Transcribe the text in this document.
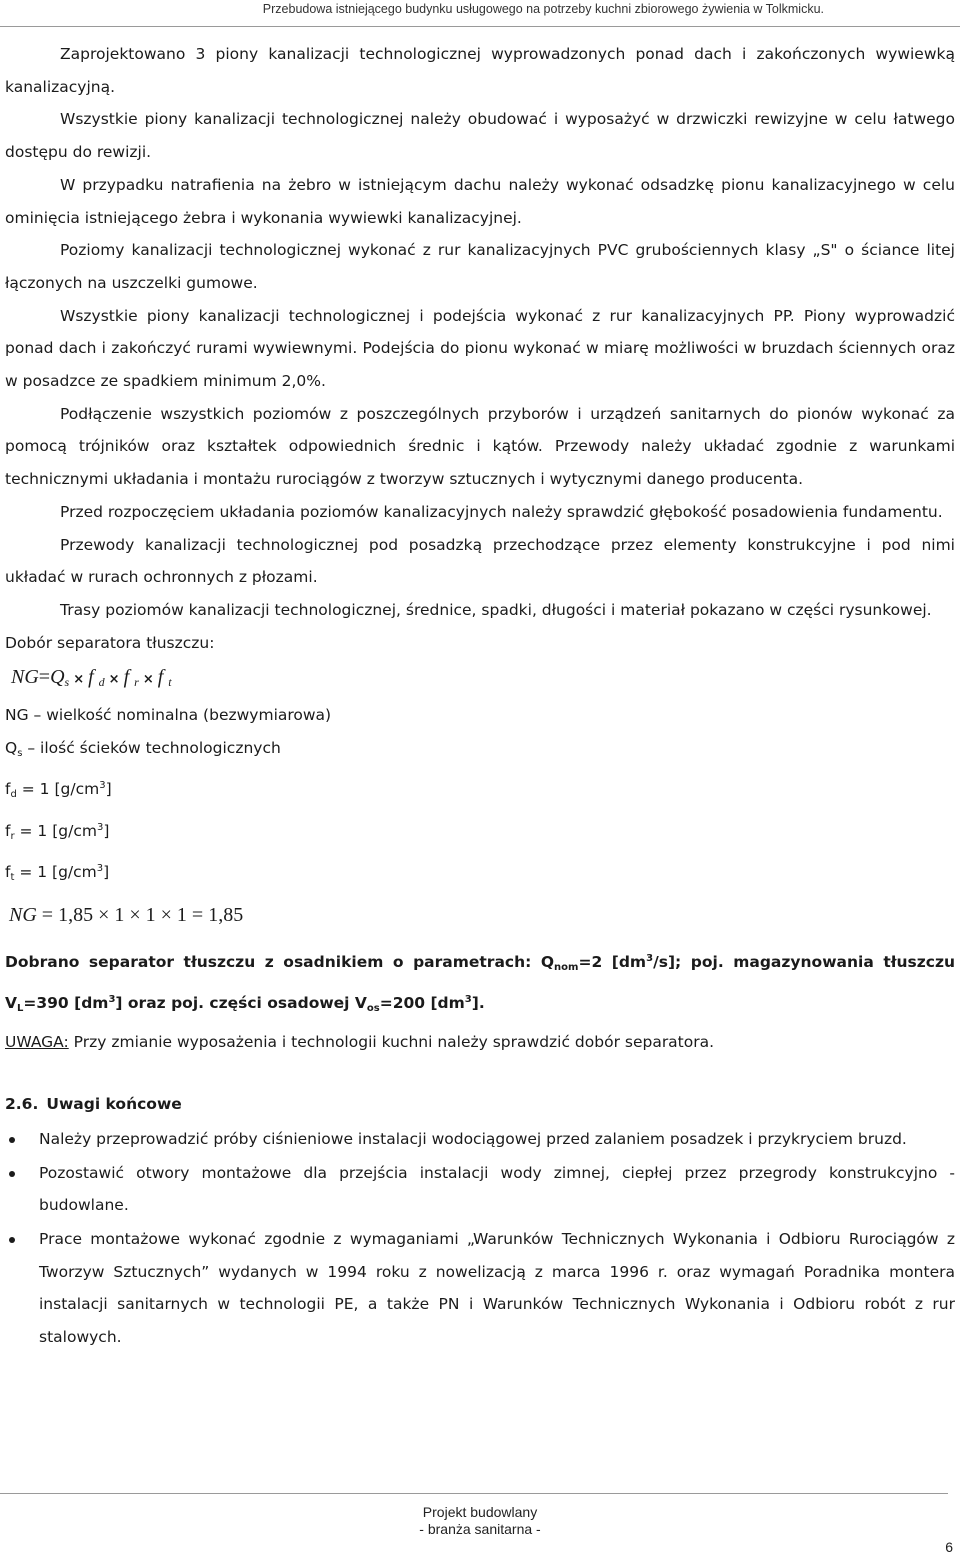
Przebudowa istniejącego budynku usługowego na potrzeby kuchni zbiorowego żywienia w Tolkmicku.

Zaprojektowano 3 piony kanalizacji technologicznej wyprowadzonych ponad dach i zakończonych wywiewką kanalizacyjną.

Wszystkie piony kanalizacji technologicznej należy obudować i wyposażyć w drzwiczki rewizyjne w celu łatwego dostępu do rewizji.

W przypadku natrafienia na żebro w istniejącym dachu należy wykonać odsadzkę pionu kanalizacyjnego w celu ominięcia istniejącego żebra i wykonania wywiewki kanalizacyjnej.

Poziomy kanalizacji technologicznej wykonać z rur kanalizacyjnych PVC grubościennych klasy „S" o ściance litej łączonych na uszczelki gumowe.

Wszystkie piony kanalizacji technologicznej i podejścia wykonać z rur kanalizacyjnych PP. Piony wyprowadzić ponad dach i zakończyć rurami wywiewnymi. Podejścia do pionu wykonać w miarę możliwości w bruzdach ściennych oraz w posadzce ze spadkiem minimum 2,0%.

Podłączenie wszystkich poziomów z poszczególnych przyborów i urządzeń sanitarnych do pionów wykonać za pomocą trójników oraz kształtek odpowiednich średnic i kątów. Przewody należy układać zgodnie z warunkami technicznymi układania i montażu rurociągów z tworzyw sztucznych i wytycznymi danego producenta.

Przed rozpoczęciem układania poziomów kanalizacyjnych należy sprawdzić głębokość posadowienia fundamentu.

Przewody kanalizacji technologicznej pod posadzką przechodzące przez elementy konstrukcyjne i pod nimi układać w rurach ochronnych z płozami.

Trasy poziomów kanalizacji technologicznej, średnice, spadki, długości i materiał pokazano w części rysunkowej.

Dobór separatora tłuszczu:

$NG=Q_s \times f$ $_d$ × f $_r$ × f $_t$

NG – wielkość nominalna (bezwymiarowa)

$Q_s$ – ilość ścieków technologicznych

$f_d = 1$ $[g/cm^3]$

$f_r = 1$ $[g/cm^3]$

$f_t = 1$ $[g/cm^3]$

NG = 1,85 × 1 × 1 × 1 = 1,85

Dobrano separator tłuszczu z osadnikiem o parametrach: $Q_{nom}=2$ $[dm^3/s]$; poj. magazynowania tłuszczu $V_L=390$ $[dm^3]$ oraz poj. części osadowej $V_{os}=200$ $[dm^3]$.

UWAGA: Przy zmianie wyposażenia i technologii kuchni należy sprawdzić dobór separatora.

2.6. Uwagi końcowe

Należy przeprowadzić próby ciśnieniowe instalacji wodociągowej przed zalaniem posadzek i przykryciem bruzd.
Pozostawić otwory montażowe dla przejścia instalacji wody zimnej, ciepłej przez przegrody konstrukcyjno - budowlane.
Prace montażowe wykonać zgodnie z wymaganiami „Warunków Technicznych Wykonania i Odbioru Rurociągów z Tworzyw Sztucznych” wydanych w 1994 roku z nowelizacją z marca 1996 r. oraz wymagań Poradnika montera instalacji sanitarnych w technologii PE, a także PN i Warunków Technicznych Wykonania i Odbioru robót z rur stalowych.
Projekt budowlany
- branża sanitarna -
6
